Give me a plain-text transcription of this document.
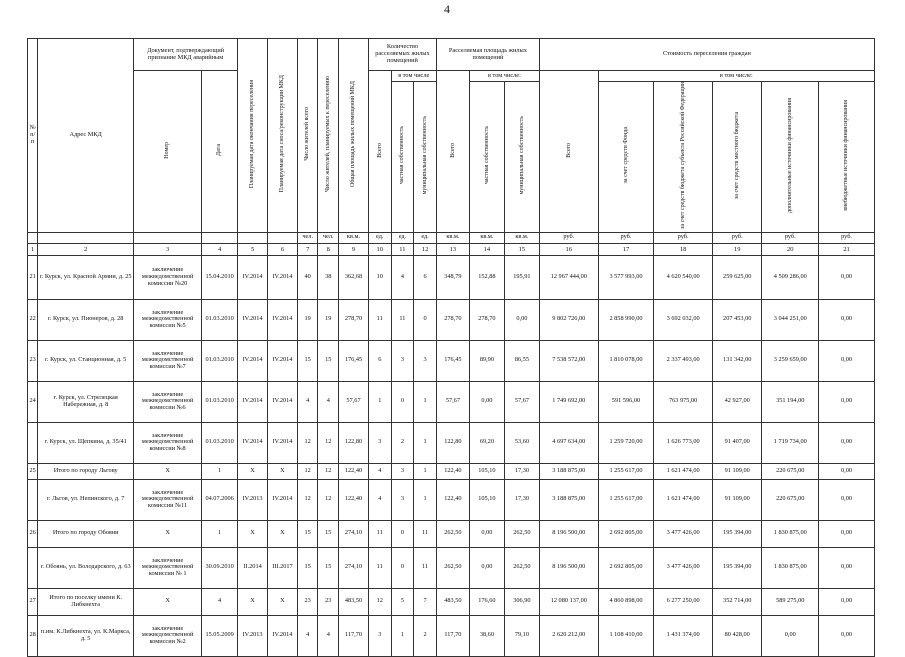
4
№ п/п	Адрес МКД	Документ, подтверждающий признание МКД аварийным		Планируемая дата окончания переселения	Планируемая дата сноса/реконструкции МКД	Число жителей всего	Число жителей, планируемых к переселению	Общая площадь жилых помещений МКД	Количество расселяемых жилых помещений			Расселяемая площадь жилых помещений			Стоимость переселения граждан					
		Номер	Дата						Всего	в том числе		Всего	в том числе:		Всего	в том числе:				
										частная собственность	муниципальная собственность		частная собственность	муниципальная собственность		за счет средств Фонда	за счет средств бюджета субъекта Российской Федерации	за счет средств местного бюджета	дополнительные источники финансирования	внебюджетные источники финансирования
						чел.	чел.	кв.м.	ед.	ед.	ед.	кв.м.	кв.м.	кв.м.	руб.	руб.	руб.	руб.	руб.	руб.
1	2	3	4	5	6	7	8	9	10	11	12	13	14	15	16	17	18	19	20	21
21	г. Курск, ул. Красной Армии, д. 25	заключение межведомственной комиссии №20	15.04.2010	IV.2014	IV.2014	40	38	362,68	10	4	6	348,79	152,88	195,91	12 967 444,00	3 577 993,00	4 620 540,00	259 625,00	4 509 286,00	0,00
22	г. Курск, ул. Пионеров, д. 28	заключение межведомственной комиссии №5	01.03.2010	IV.2014	IV.2014	19	19	278,70	11	11	0	278,70	278,70	0,00	9 802 726,00	2 858 990,00	3 692 032,00	207 453,00	3 044 251,00	0,00
23	г. Курск, ул. Станционная, д. 5	заключение межведомственной комиссии №7	01.03.2010	IV.2014	IV.2014	15	15	176,45	6	3	3	176,45	89,90	86,55	7 538 572,00	1 810 078,00	2 337 493,00	131 342,00	3 259 659,00	0,00
24	г. Курск, ул. Стрелецкая Набережная, д. 8	заключение межведомственной комиссии №6	01.03.2010	IV.2014	IV.2014	4	4	57,67	1	0	1	57,67	0,00	57,67	1 749 692,00	591 596,00	763 975,00	42 927,00	351 194,00	0,00
	г. Курск, ул. Щепкина, д. 35/41	заключение межведомственной комиссии №8	01.03.2010	IV.2014	IV.2014	12	12	122,80	3	2	1	122,80	69,20	53,60	4 697 634,00	1 259 720,00	1 626 773,00	91 407,00	1 719 734,00	0,00
25	Итого по городу Льгову	Х	1	Х	Х	12	12	122,40	4	3	1	122,40	105,10	17,30	3 188 875,00	1 255 617,00	1 621 474,00	91 109,00	220 675,00	0,00
	г. Льгов, ул. Непинского, д. 7	заключение межведомственной комиссии №11	04.07.2006	IV.2013	IV.2014	12	12	122,40	4	3	1	122,40	105,10	17,30	3 188 875,00	1 255 617,00	1 621 474,00	91 109,00	220 675,00	0,00
26	Итого по городу Обояни	Х	1	Х	Х	15	15	274,10	11	0	11	262,50	0,00	262,50	8 196 500,00	2 692 805,00	3 477 426,00	195 394,00	1 830 875,00	0,00
	г. Обоянь, ул. Володарского, д. 63	заключение межведомственной комиссии № 1	30.09.2010	II.2014	III.2017	15	15	274,10	11	0	11	262,50	0,00	262,50	8 196 500,00	2 692 805,00	3 477 426,00	195 394,00	1 830 875,00	0,00
27	Итого по поселку имени К. Либкнехта	Х	4	Х	Х	23	23	483,50	12	5	7	483,50	176,60	306,90	12 080 137,00	4 860 898,00	6 277 250,00	352 714,00	589 275,00	0,00
28	п.им. К.Либкнехта, ул. К.Маркса, д. 5	заключение межведомственной комиссии №2	15.05.2009	IV.2013	IV.2014	4	4	117,70	3	1	2	117,70	38,60	79,10	2 620 212,00	1 108 410,00	1 431 374,00	80 428,00	0,00	0,00
